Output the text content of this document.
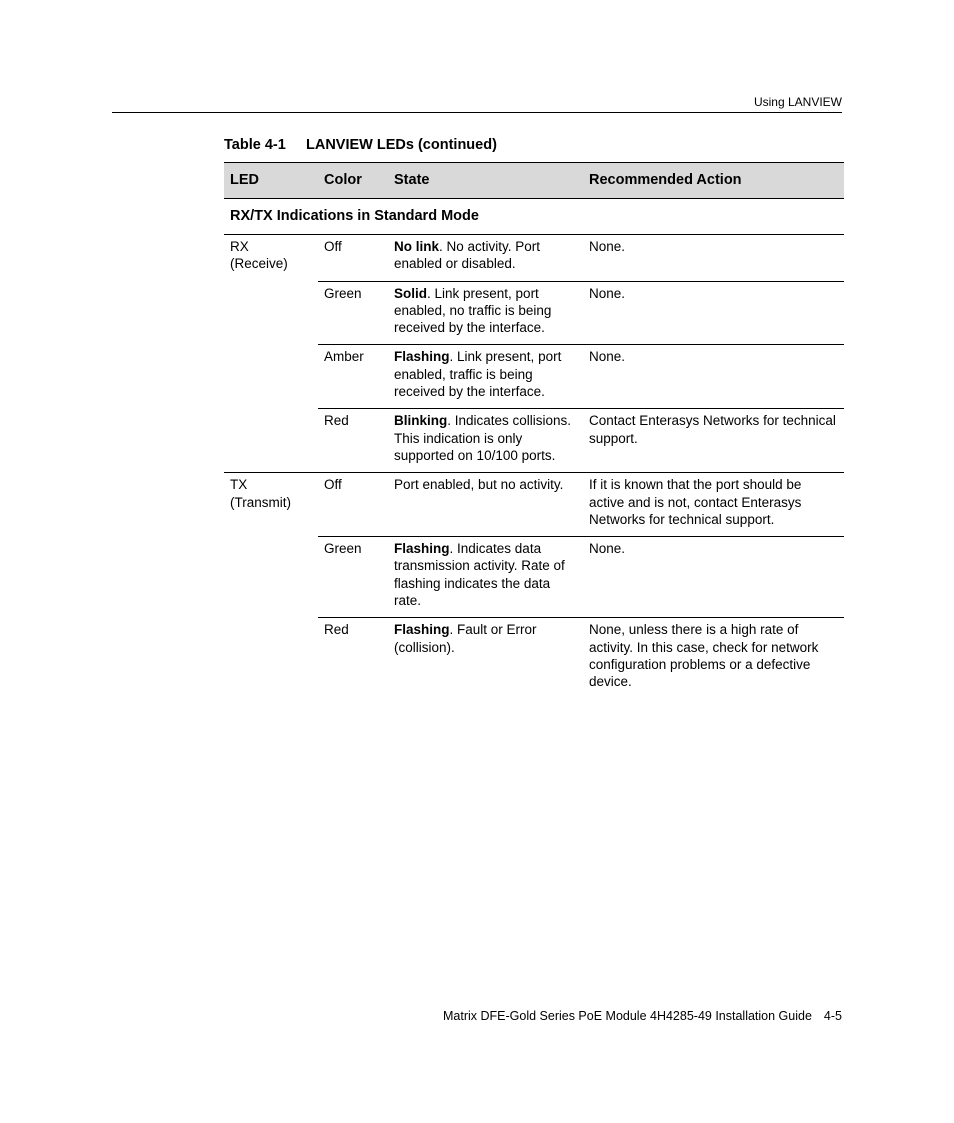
Using LANVIEW
Table 4-1 LANVIEW LEDs (continued)
LED	Color	State	Recommended Action
RX/TX Indications in Standard Mode			

RX
(Receive)	Off	No link. No activity. Port enabled or disabled.	None.
	Green	Solid. Link present, port enabled, no traffic is being received by the interface.	None.
	Amber	Flashing. Link present, port enabled, traffic is being received by the interface.	None.
	Red	Blinking. Indicates collisions. This indication is only supported on 10/100 ports.	Contact Enterasys Networks for technical support.

TX
(Transmit)	Off	Port enabled, but no activity.	If it is known that the port should be active and is not, contact Enterasys Networks for technical support.
	Green	Flashing. Indicates data transmission activity. Rate of flashing indicates the data rate.	None.
	Red	Flashing. Fault or Error (collision).	None, unless there is a high rate of activity. In this case, check for network configuration problems or a defective device.
Matrix DFE-Gold Series PoE Module 4H4285-49 Installation Guide 4-5
